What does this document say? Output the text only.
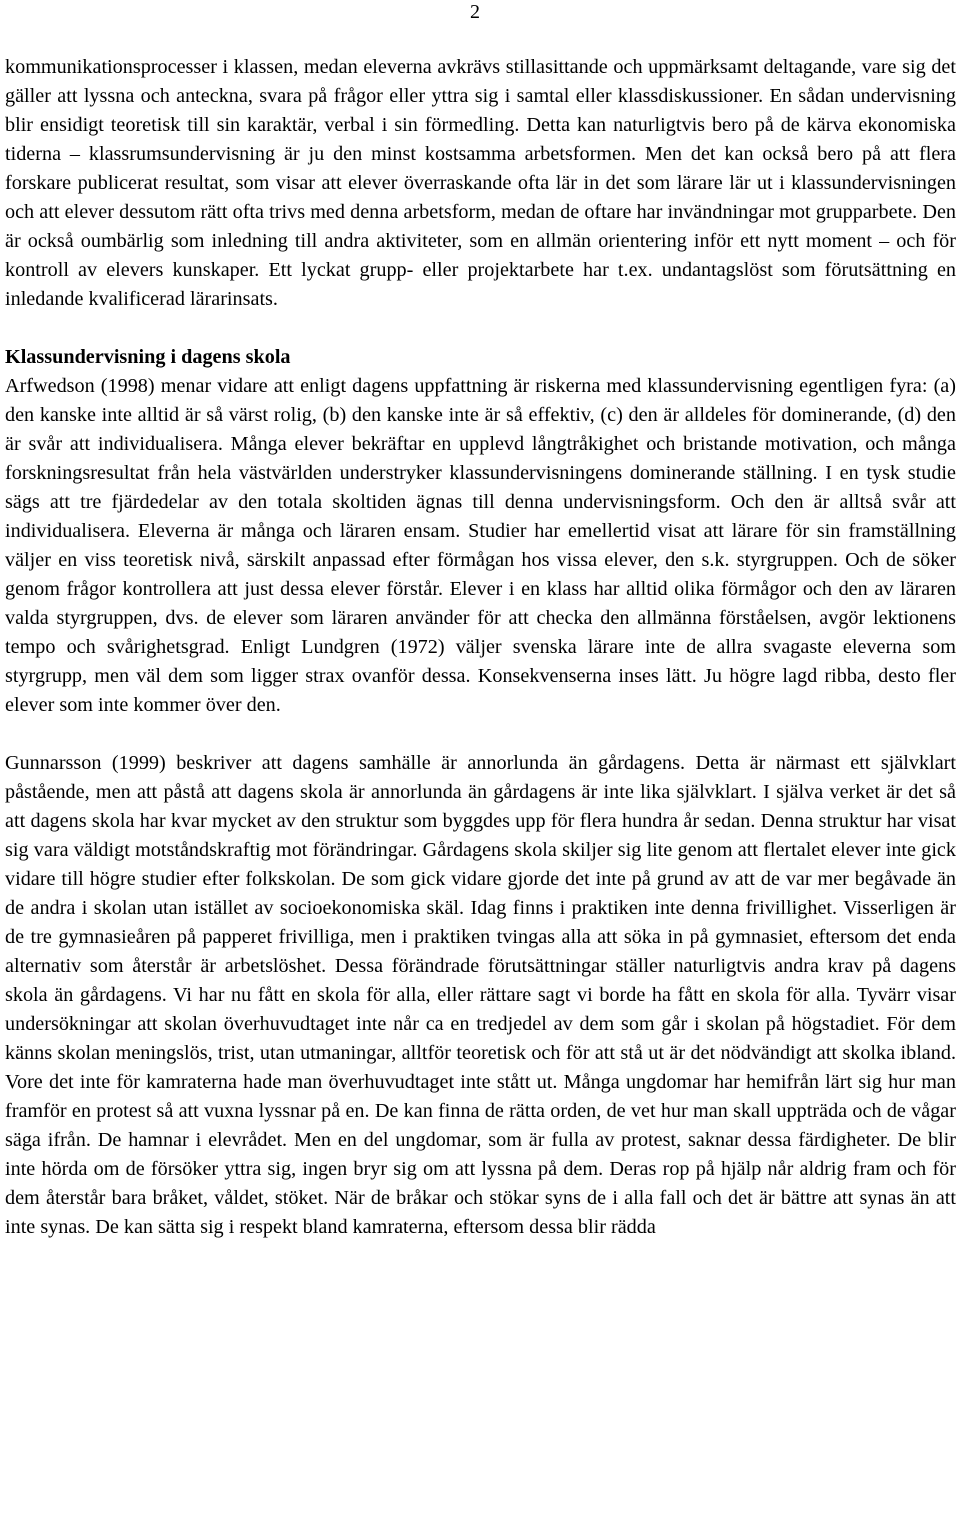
2

kommunikationsprocesser i klassen, medan eleverna avkrävs stillasittande och uppmärksamt deltagande, vare sig det gäller att lyssna och anteckna, svara på frågor eller yttra sig i samtal eller klassdiskussioner. En sådan undervisning blir ensidigt teoretisk till sin karaktär, verbal i sin förmedling. Detta kan naturligtvis bero på de kärva ekonomiska tiderna – klassrumsundervisning är ju den minst kostsamma arbetsformen. Men det kan också bero på att flera forskare publicerat resultat, som visar att elever överraskande ofta lär in det som lärare lär ut i klassundervisningen och att elever dessutom rätt ofta trivs med denna arbetsform, medan de oftare har invändningar mot grupparbete. Den är också oumbärlig som inledning till andra aktiviteter, som en allmän orientering inför ett nytt moment – och för kontroll av elevers kunskaper. Ett lyckat grupp- eller projektarbete har t.ex. undantagslöst som förutsättning en inledande kvalificerad lärarinsats.

Klassundervisning i dagens skola

Arfwedson (1998) menar vidare att enligt dagens uppfattning är riskerna med klassundervisning egentligen fyra: (a) den kanske inte alltid är så värst rolig, (b) den kanske inte är så effektiv, (c) den är alldeles för dominerande, (d) den är svår att individualisera. Många elever bekräftar en upplevd långtråkighet och bristande motivation, och många forskningsresultat från hela västvärlden understryker klassundervisningens dominerande ställning. I en tysk studie sägs att tre fjärdedelar av den totala skoltiden ägnas till denna undervisningsform. Och den är alltså svår att individualisera. Eleverna är många och läraren ensam. Studier har emellertid visat att lärare för sin framställning väljer en viss teoretisk nivå, särskilt anpassad efter förmågan hos vissa elever, den s.k. styrgruppen. Och de söker genom frågor kontrollera att just dessa elever förstår. Elever i en klass har alltid olika förmågor och den av läraren valda styrgruppen, dvs. de elever som läraren använder för att checka den allmänna förståelsen, avgör lektionens tempo och svårighetsgrad. Enligt Lundgren (1972) väljer svenska lärare inte de allra svagaste eleverna som styrgrupp, men väl dem som ligger strax ovanför dessa. Konsekvenserna inses lätt. Ju högre lagd ribba, desto fler elever som inte kommer över den.

Gunnarsson (1999) beskriver att dagens samhälle är annorlunda än gårdagens. Detta är närmast ett självklart påstående, men att påstå att dagens skola är annorlunda än gårdagens är inte lika självklart. I själva verket är det så att dagens skola har kvar mycket av den struktur som byggdes upp för flera hundra år sedan. Denna struktur har visat sig vara väldigt motståndskraftig mot förändringar. Gårdagens skola skiljer sig lite genom att flertalet elever inte gick vidare till högre studier efter folkskolan. De som gick vidare gjorde det inte på grund av att de var mer begåvade än de andra i skolan utan istället av socioekonomiska skäl. Idag finns i praktiken inte denna frivillighet. Visserligen är de tre gymnasieåren på papperet frivilliga, men i praktiken tvingas alla att söka in på gymnasiet, eftersom det enda alternativ som återstår är arbetslöshet. Dessa förändrade förutsättningar ställer naturligtvis andra krav på dagens skola än gårdagens. Vi har nu fått en skola för alla, eller rättare sagt vi borde ha fått en skola för alla. Tyvärr visar undersökningar att skolan överhuvudtaget inte når ca en tredjedel av dem som går i skolan på högstadiet. För dem känns skolan meningslös, trist, utan utmaningar, alltför teoretisk och för att stå ut är det nödvändigt att skolka ibland. Vore det inte för kamraterna hade man överhuvudtaget inte stått ut. Många ungdomar har hemifrån lärt sig hur man framför en protest så att vuxna lyssnar på en. De kan finna de rätta orden, de vet hur man skall uppträda och de vågar säga ifrån. De hamnar i elevrådet. Men en del ungdomar, som är fulla av protest, saknar dessa färdigheter. De blir inte hörda om de försöker yttra sig, ingen bryr sig om att lyssna på dem. Deras rop på hjälp når aldrig fram och för dem återstår bara bråket, våldet, stöket. När de bråkar och stökar syns de i alla fall och det är bättre att synas än att inte synas. De kan sätta sig i respekt bland kamraterna, eftersom dessa blir rädda
